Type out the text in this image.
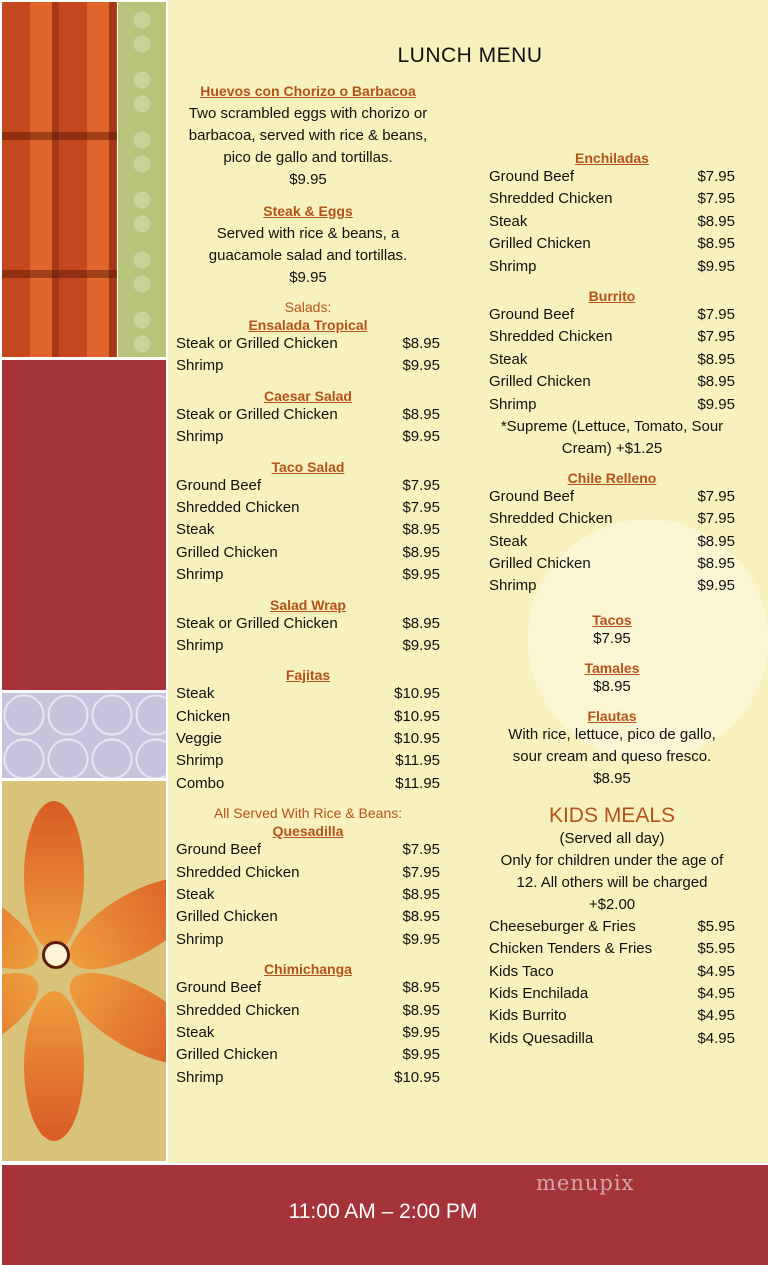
LUNCH MENU
Huevos con Chorizo o Barbacoa
Two scrambled eggs with chorizo or
barbacoa, served with rice & beans,
pico de gallo and tortillas.
$9.95
Steak & Eggs
Served with rice & beans, a
guacamole salad and tortillas.
$9.95
Salads:
Ensalada Tropical
Steak or Grilled Chicken	$8.95
Shrimp	$9.95
Caesar Salad
Steak or Grilled Chicken	$8.95
Shrimp	$9.95
Taco Salad
Ground Beef	$7.95
Shredded Chicken	$7.95
Steak	$8.95
Grilled Chicken	$8.95
Shrimp	$9.95
Salad Wrap
Steak or Grilled Chicken	$8.95
Shrimp	$9.95
Fajitas
Steak	$10.95
Chicken	$10.95
Veggie	$10.95
Shrimp	$11.95
Combo	$11.95
All Served With Rice & Beans:
Quesadilla
Ground Beef	$7.95
Shredded Chicken	$7.95
Steak	$8.95
Grilled Chicken	$8.95
Shrimp	$9.95
Chimichanga
Ground Beef	$8.95
Shredded Chicken	$8.95
Steak	$9.95
Grilled Chicken	$9.95
Shrimp	$10.95
Enchiladas
Ground Beef	$7.95
Shredded Chicken	$7.95
Steak	$8.95
Grilled Chicken	$8.95
Shrimp	$9.95
Burrito
Ground Beef	$7.95
Shredded Chicken	$7.95
Steak	$8.95
Grilled Chicken	$8.95
Shrimp	$9.95
*Supreme (Lettuce, Tomato, Sour
Cream) +$1.25
Chile Relleno
Ground Beef	$7.95
Shredded Chicken	$7.95
Steak	$8.95
Grilled Chicken	$8.95
Shrimp	$9.95
Tacos
$7.95
Tamales
$8.95
Flautas
With rice, lettuce, pico de gallo,
sour cream and queso fresco.
$8.95
KIDS MEALS
(Served all day)
Only for children under the age of
12. All others will be charged
+$2.00
Cheeseburger & Fries	$5.95
Chicken Tenders & Fries	$5.95
Kids Taco	$4.95
Kids Enchilada	$4.95
Kids Burrito	$4.95
Kids Quesadilla	$4.95
menupix
11:00 AM – 2:00 PM
